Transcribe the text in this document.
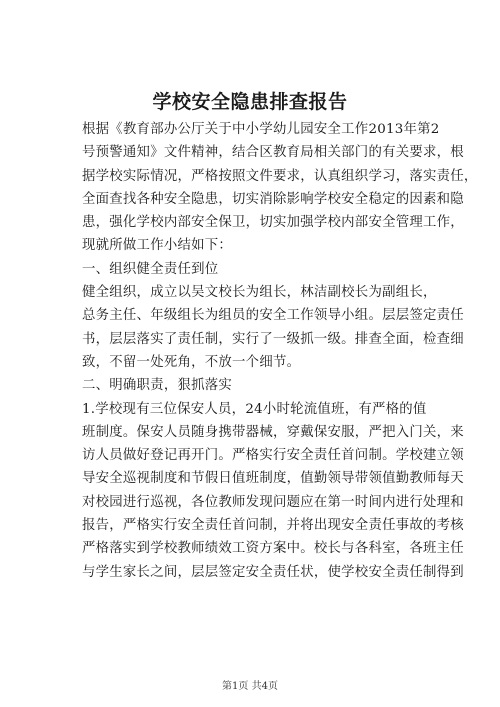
学校安全隐患排查报告
根据《教育部办公厅关于中小学幼儿园安全工作2013年第2
号预警通知》文件精神，结合区教育局相关部门的有关要求，根
据学校实际情况，严格按照文件要求，认真组织学习，落实责任，
全面查找各种安全隐患，切实消除影响学校安全稳定的因素和隐
患，强化学校内部安全保卫，切实加强学校内部安全管理工作，
现就所做工作小结如下：
一、组织健全责任到位
健全组织，成立以吴文校长为组长，林洁副校长为副组长，
总务主任、年级组长为组员的安全工作领导小组。层层签定责任
书，层层落实了责任制，实行了一级抓一级。排查全面，检查细
致，不留一处死角，不放一个细节。
二、明确职责，狠抓落实
1.学校现有三位保安人员，24小时轮流值班，有严格的值
班制度。保安人员随身携带器械，穿戴保安服，严把入门关，来
访人员做好登记再开门。严格实行安全责任首问制。学校建立领
导安全巡视制度和节假日值班制度，值勤领导带领值勤教师每天
对校园进行巡视，各位教师发现问题应在第一时间内进行处理和
报告，严格实行安全责任首问制，并将出现安全责任事故的考核
严格落实到学校教师绩效工资方案中。校长与各科室，各班主任
与学生家长之间，层层签定安全责任状，使学校安全责任制得到
第1页 共4页
